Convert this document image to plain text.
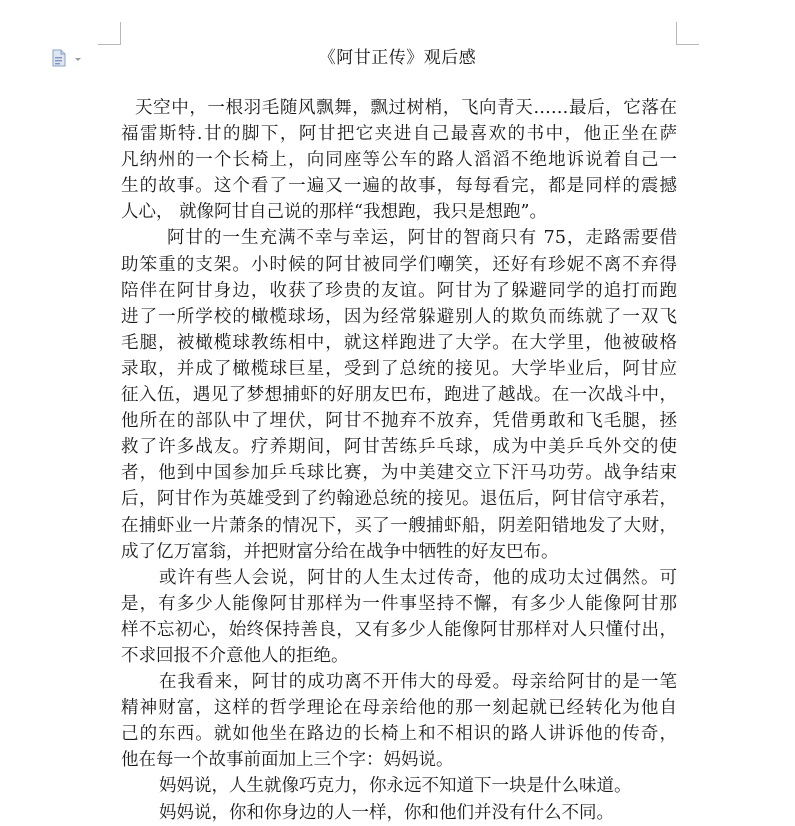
《阿甘正传》观后感
天空中，一根羽毛随风飘舞，飘过树梢，飞向青天……最后，它落在
福雷斯特.甘的脚下，阿甘把它夹进自己最喜欢的书中，他正坐在萨
凡纳州的一个长椅上，向同座等公车的路人滔滔不绝地诉说着自己一
生的故事。这个看了一遍又一遍的故事，每每看完，都是同样的震撼
人心， 就像阿甘自己说的那样“我想跑，我只是想跑”。
阿甘的一生充满不幸与幸运，阿甘的智商只有 75，走路需要借
助笨重的支架。小时候的阿甘被同学们嘲笑，还好有珍妮不离不弃得
陪伴在阿甘身边，收获了珍贵的友谊。阿甘为了躲避同学的追打而跑
进了一所学校的橄榄球场，因为经常躲避别人的欺负而练就了一双飞
毛腿，被橄榄球教练相中，就这样跑进了大学。在大学里，他被破格
录取，并成了橄榄球巨星，受到了总统的接见。大学毕业后，阿甘应
征入伍，遇见了梦想捕虾的好朋友巴布，跑进了越战。在一次战斗中，
他所在的部队中了埋伏，阿甘不抛弃不放弃，凭借勇敢和飞毛腿，拯
救了许多战友。疗养期间，阿甘苦练乒乓球，成为中美乒乓外交的使
者，他到中国参加乒乓球比赛，为中美建交立下汗马功劳。战争结束
后，阿甘作为英雄受到了约翰逊总统的接见。退伍后，阿甘信守承若，
在捕虾业一片萧条的情况下，买了一艘捕虾船，阴差阳错地发了大财，
成了亿万富翁，并把财富分给在战争中牺牲的好友巴布。
或许有些人会说，阿甘的人生太过传奇，他的成功太过偶然。可
是，有多少人能像阿甘那样为一件事坚持不懈，有多少人能像阿甘那
样不忘初心，始终保持善良，又有多少人能像阿甘那样对人只懂付出，
不求回报不介意他人的拒绝。
在我看来，阿甘的成功离不开伟大的母爱。母亲给阿甘的是一笔
精神财富，这样的哲学理论在母亲给他的那一刻起就已经转化为他自
己的东西。就如他坐在路边的长椅上和不相识的路人讲诉他的传奇，
他在每一个故事前面加上三个字：妈妈说。
妈妈说，人生就像巧克力，你永远不知道下一块是什么味道。
妈妈说，你和你身边的人一样，你和他们并没有什么不同。
